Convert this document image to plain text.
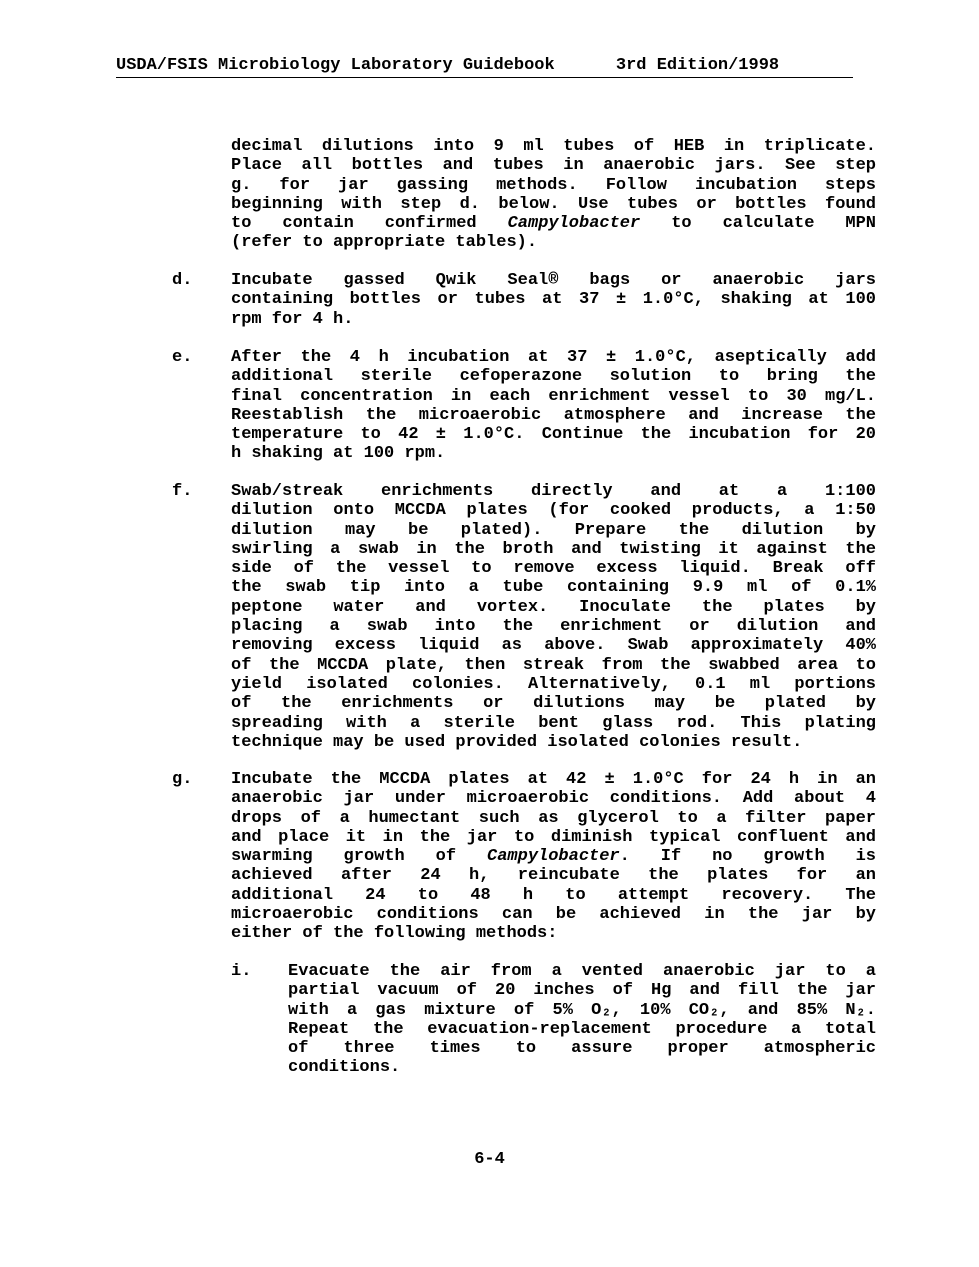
USDA/FSIS Microbiology Laboratory Guidebook	3rd Edition/1998
decimal dilutions into 9 ml tubes of HEB in triplicate.
Place all bottles and tubes in anaerobic jars. See step
g. for jar gassing methods. Follow incubation steps
beginning with step d. below. Use tubes or bottles found
to contain confirmed Campylobacter to calculate MPN
(refer to appropriate tables).
d. Incubate gassed Qwik Seal® bags or anaerobic jars
containing bottles or tubes at 37 ± 1.0°C, shaking at 100
rpm for 4 h.
e. After the 4 h incubation at 37 ± 1.0°C, aseptically add
additional sterile cefoperazone solution to bring the
final concentration in each enrichment vessel to 30 mg/L.
Reestablish the microaerobic atmosphere and increase the
temperature to 42 ± 1.0°C. Continue the incubation for 20
h shaking at 100 rpm.
f. Swab/streak enrichments directly and at a 1:100
dilution onto MCCDA plates (for cooked products, a 1:50
dilution may be plated). Prepare the dilution by
swirling a swab in the broth and twisting it against the
side of the vessel to remove excess liquid. Break off
the swab tip into a tube containing 9.9 ml of 0.1%
peptone water and vortex. Inoculate the plates by
placing a swab into the enrichment or dilution and
removing excess liquid as above. Swab approximately 40%
of the MCCDA plate, then streak from the swabbed area to
yield isolated colonies. Alternatively, 0.1 ml portions
of the enrichments or dilutions may be plated by
spreading with a sterile bent glass rod. This plating
technique may be used provided isolated colonies result.
g. Incubate the MCCDA plates at 42 ± 1.0°C for 24 h in an
anaerobic jar under microaerobic conditions. Add about 4
drops of a humectant such as glycerol to a filter paper
and place it in the jar to diminish typical confluent and
swarming growth of Campylobacter. If no growth is
achieved after 24 h, reincubate the plates for an
additional 24 to 48 h to attempt recovery. The
microaerobic conditions can be achieved in the jar by
either of the following methods:
i. Evacuate the air from a vented anaerobic jar to a
partial vacuum of 20 inches of Hg and fill the jar
with a gas mixture of 5% O₂, 10% CO₂, and 85% N₂.
Repeat the evacuation-replacement procedure a total
of three times to assure proper atmospheric
conditions.
6-4
